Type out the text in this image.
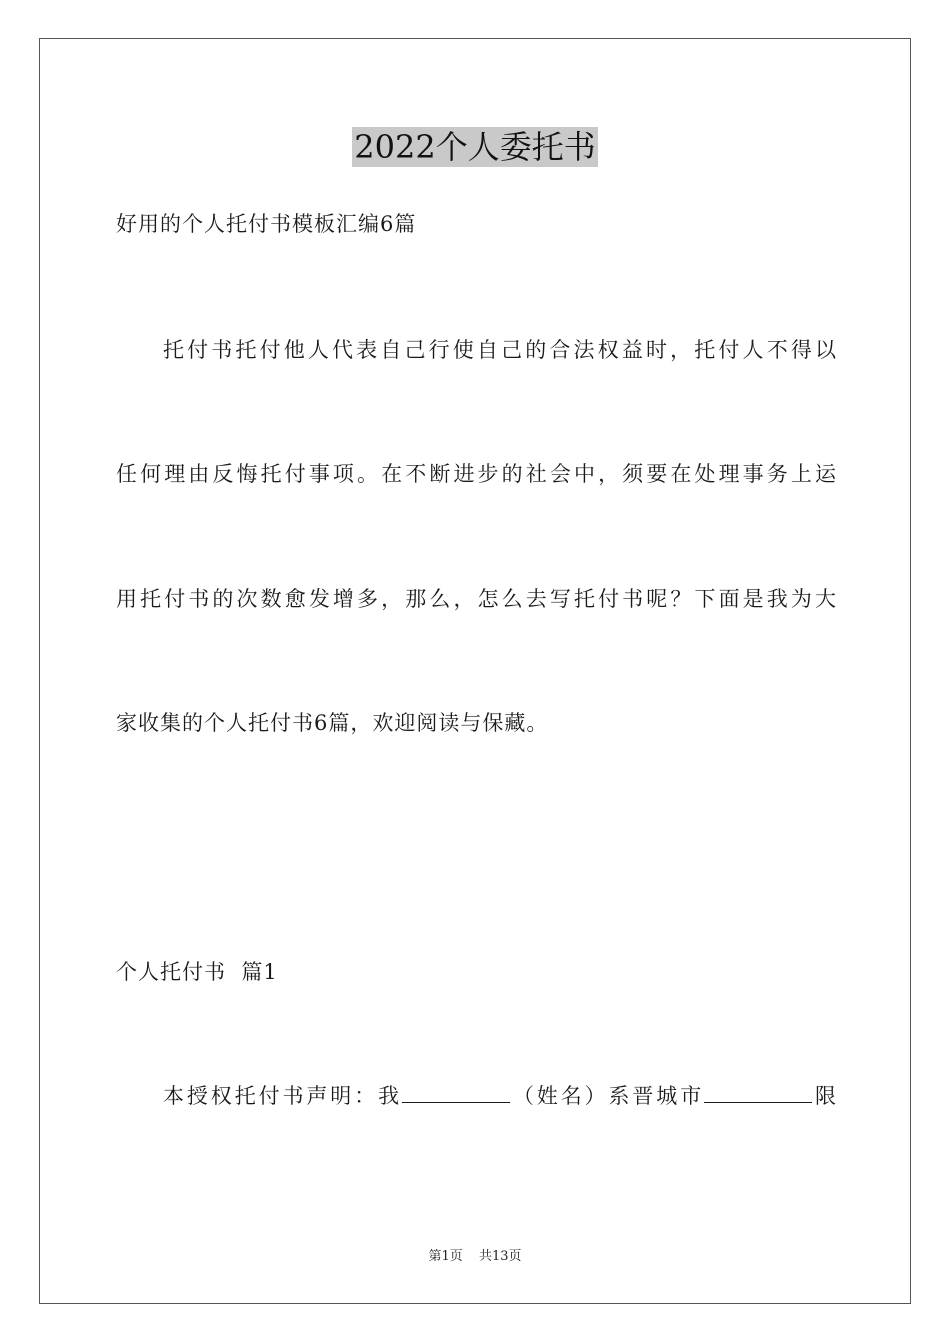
2022个人委托书
好用的个人托付书模板汇编6篇
托付书托付他人代表自己行使自己的合法权益时，托付人不得以
任何理由反悔托付事项。在不断进步的社会中，须要在处理事务上运
用托付书的次数愈发增多，那么，怎么去写托付书呢？下面是我为大
家收集的个人托付书6篇，欢迎阅读与保藏。
个人托付书  篇1
本授权托付书声明：我	（姓名）系晋城市	限
第1页 共13页
